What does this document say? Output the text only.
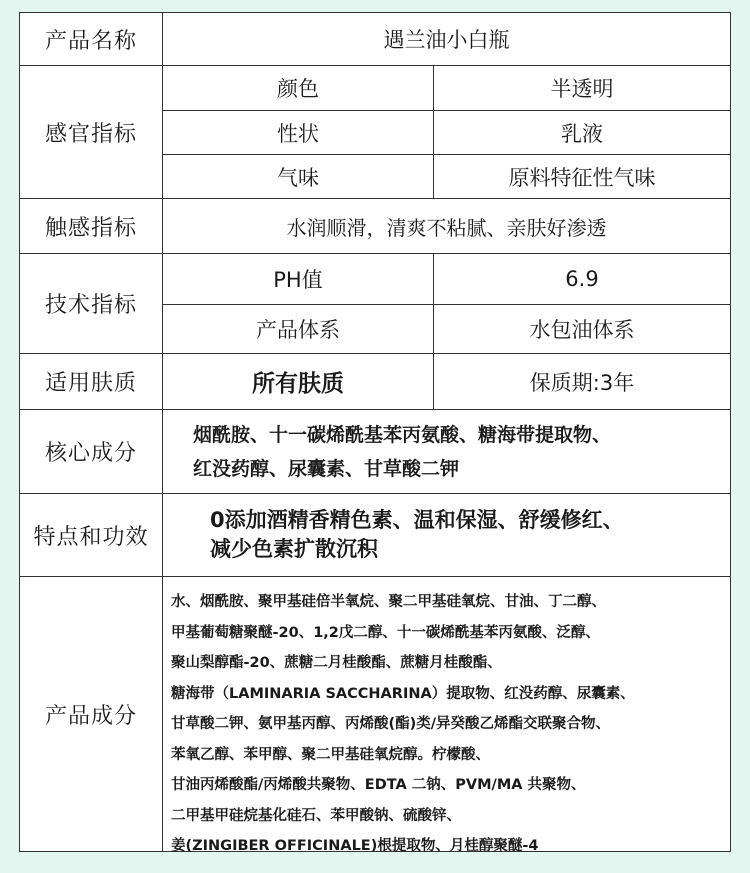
产品名称	遇兰油小白瓶
感官指标
颜色	半透明
性状	乳液
气味	原料特征性气味
触感指标	水润顺滑，清爽不粘腻、亲肤好渗透
技术指标
PH值	6.9
产品体系	水包油体系
适用肤质	所有肤质	保质期:3年
核心成分
烟酰胺、十一碳烯酰基苯丙氨酸、糖海带提取物、
红没药醇、尿囊素、甘草酸二钾
特点和功效
0添加酒精香精色素、温和保湿、舒缓修红、
减少色素扩散沉积
产品成分
水、烟酰胺、聚甲基硅倍半氧烷、聚二甲基硅氧烷、甘油、丁二醇、
甲基葡萄糖聚醚-20、1,2戊二醇、十一碳烯酰基苯丙氨酸、泛醇、
聚山梨醇酯-20、蔗糖二月桂酸酯、蔗糖月桂酸酯、
糖海带（LAMINARIA SACCHARINA）提取物、红没药醇、尿囊素、
甘草酸二钾、氨甲基丙醇、丙烯酸(酯)类/异癸酸乙烯酯交联聚合物、
苯氧乙醇、苯甲醇、聚二甲基硅氧烷醇。柠檬酸、
甘油丙烯酸酯/丙烯酸共聚物、EDTA 二钠、PVM/MA 共聚物、
二甲基甲硅烷基化硅石、苯甲酸钠、硫酸锌、
姜(ZINGIBER OFFICINALE)根提取物、月桂醇聚醚-4
